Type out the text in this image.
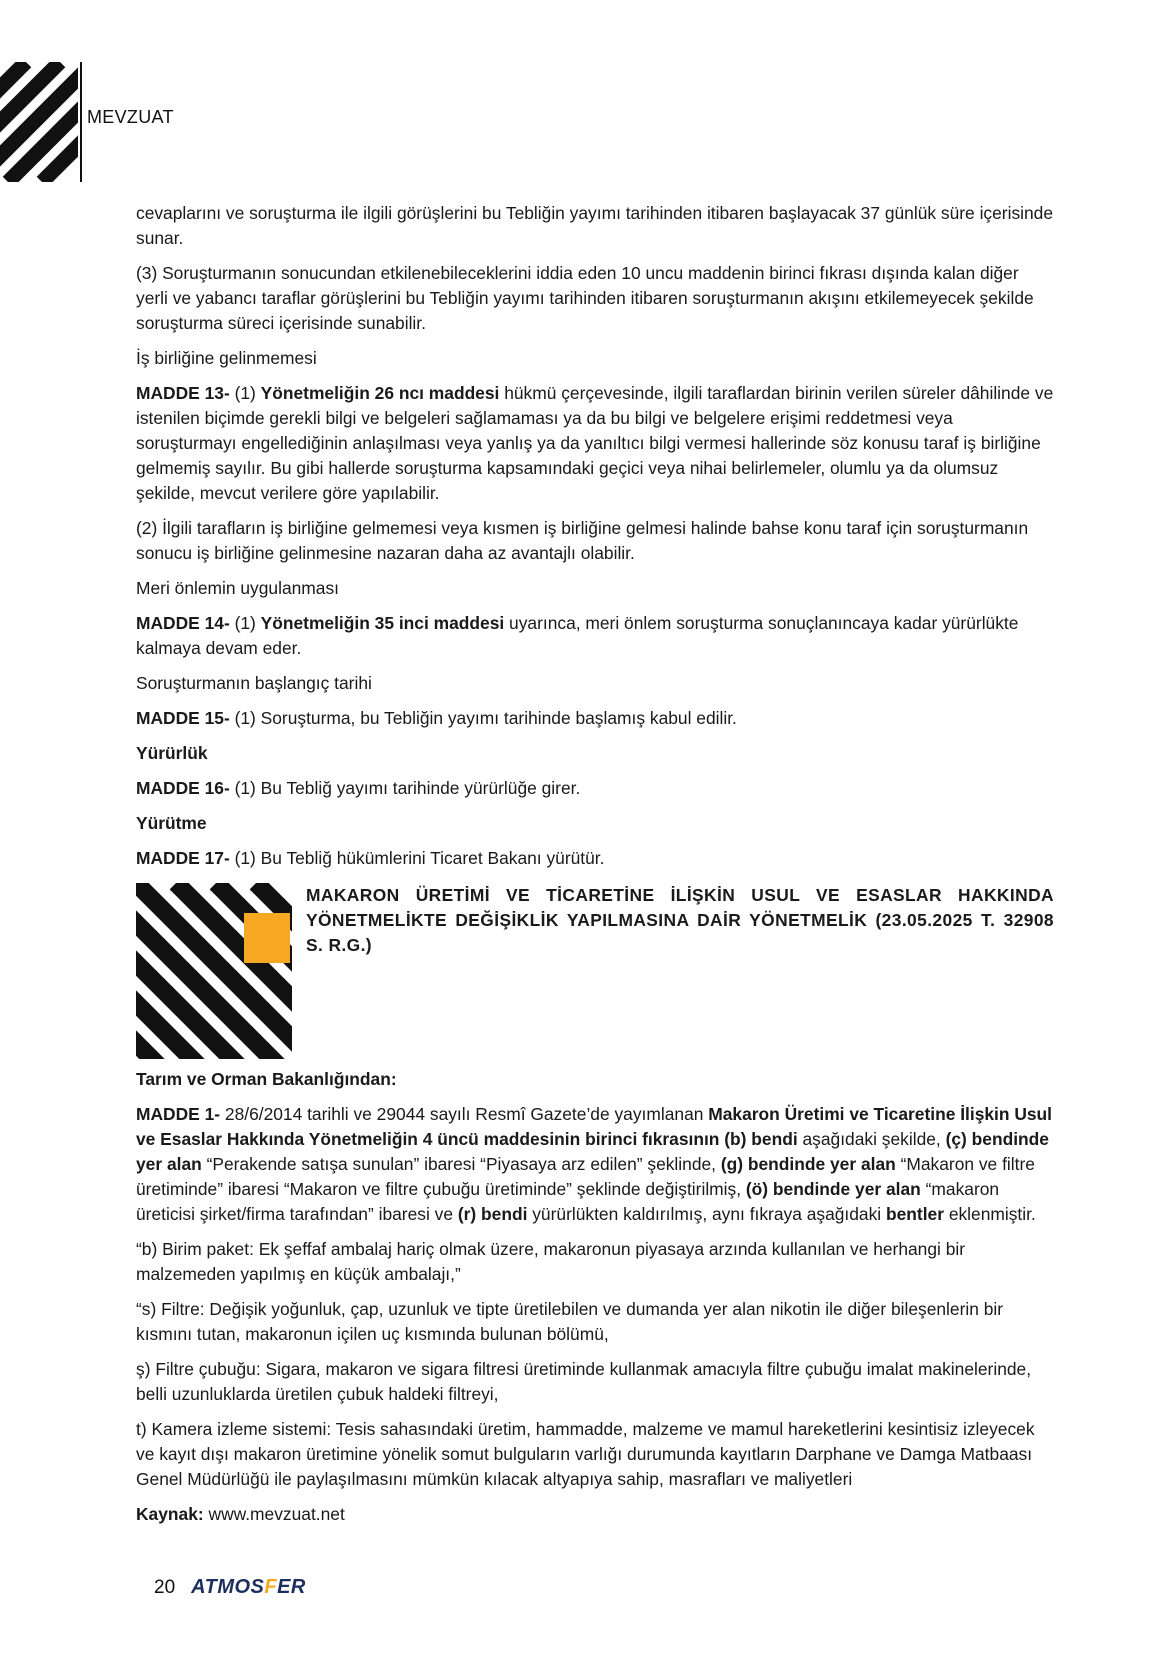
MEVZUAT

cevaplarını ve soruşturma ile ilgili görüşlerini bu Tebliğin yayımı tarihinden itibaren başlayacak 37 günlük süre içerisinde sunar.

(3) Soruşturmanın sonucundan etkilenebileceklerini iddia eden 10 uncu maddenin birinci fıkrası dışında kalan diğer yerli ve yabancı taraflar görüşlerini bu Tebliğin yayımı tarihinden itibaren soruşturmanın akışını etkilemeyecek şekilde soruşturma süreci içerisinde sunabilir.

İş birliğine gelinmemesi

MADDE 13- (1) Yönetmeliğin 26 ncı maddesi hükmü çerçevesinde, ilgili taraflardan birinin verilen süreler dâhilinde ve istenilen biçimde gerekli bilgi ve belgeleri sağlamaması ya da bu bilgi ve belgelere erişimi reddetmesi veya soruşturmayı engellediğinin anlaşılması veya yanlış ya da yanıltıcı bilgi vermesi hallerinde söz konusu taraf iş birliğine gelmemiş sayılır. Bu gibi hallerde soruşturma kapsamındaki geçici veya nihai belirlemeler, olumlu ya da olumsuz şekilde, mevcut verilere göre yapılabilir.

(2) İlgili tarafların iş birliğine gelmemesi veya kısmen iş birliğine gelmesi halinde bahse konu taraf için soruşturmanın sonucu iş birliğine gelinmesine nazaran daha az avantajlı olabilir.

Meri önlemin uygulanması

MADDE 14- (1) Yönetmeliğin 35 inci maddesi uyarınca, meri önlem soruşturma sonuçlanıncaya kadar yürürlükte kalmaya devam eder.

Soruşturmanın başlangıç tarihi

MADDE 15- (1) Soruşturma, bu Tebliğin yayımı tarihinde başlamış kabul edilir.

Yürürlük

MADDE 16- (1) Bu Tebliğ yayımı tarihinde yürürlüğe girer.

Yürütme

MADDE 17- (1) Bu Tebliğ hükümlerini Ticaret Bakanı yürütür.

MAKARON ÜRETİMİ VE TİCARETİNE İLİŞKİN USUL VE ESASLAR HAKKINDA YÖNETMELİKTE DEĞİŞİKLİK YAPILMASINA DAİR YÖNETMELİK (23.05.2025 T. 32908 S. R.G.)

Tarım ve Orman Bakanlığından:

MADDE 1- 28/6/2014 tarihli ve 29044 sayılı Resmî Gazete’de yayımlanan Makaron Üretimi ve Ticaretine İlişkin Usul ve Esaslar Hakkında Yönetmeliğin 4 üncü maddesinin birinci fıkrasının (b) bendi aşağıdaki şekilde, (ç) bendinde yer alan “Perakende satışa sunulan” ibaresi “Piyasaya arz edilen” şeklinde, (g) bendinde yer alan “Makaron ve filtre üretiminde” ibaresi “Makaron ve filtre çubuğu üretiminde” şeklinde değiştirilmiş, (ö) bendinde yer alan “makaron üreticisi şirket/firma tarafından” ibaresi ve (r) bendi yürürlükten kaldırılmış, aynı fıkraya aşağıdaki bentler eklenmiştir.

“b) Birim paket: Ek şeffaf ambalaj hariç olmak üzere, makaronun piyasaya arzında kullanılan ve herhangi bir malzemeden yapılmış en küçük ambalajı,”

“s) Filtre: Değişik yoğunluk, çap, uzunluk ve tipte üretilebilen ve dumanda yer alan nikotin ile diğer bileşenlerin bir kısmını tutan, makaronun içilen uç kısmında bulunan bölümü,

ş) Filtre çubuğu: Sigara, makaron ve sigara filtresi üretiminde kullanmak amacıyla filtre çubuğu imalat makinelerinde, belli uzunluklarda üretilen çubuk haldeki filtreyi,

t) Kamera izleme sistemi: Tesis sahasındaki üretim, hammadde, malzeme ve mamul hareketlerini kesintisiz izleyecek ve kayıt dışı makaron üretimine yönelik somut bulguların varlığı durumunda kayıtların Darphane ve Damga Matbaası Genel Müdürlüğü ile paylaşılmasını mümkün kılacak altyapıya sahip, masrafları ve maliyetleri

Kaynak: www.mevzuat.net

20 ATMOSFER
